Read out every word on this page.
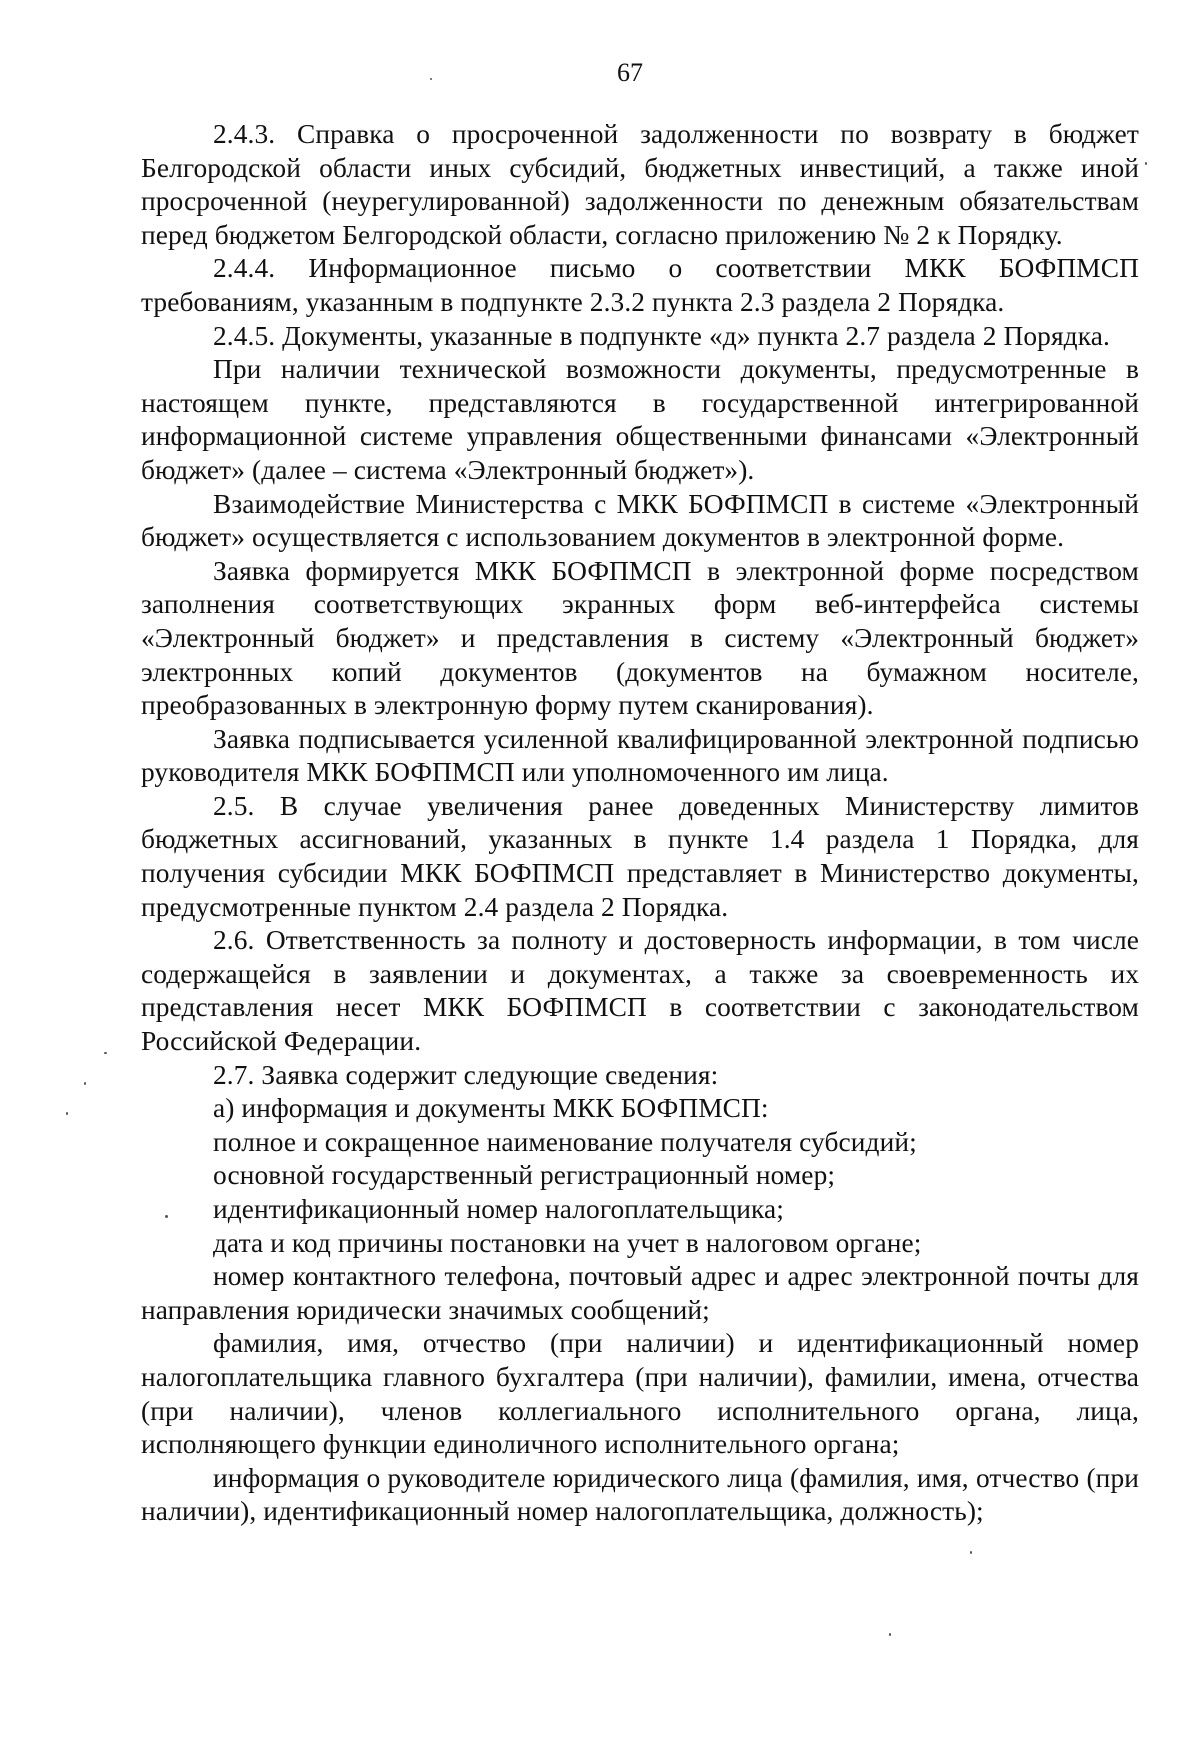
67

2.4.3. Справка о просроченной задолженности по возврату в бюджет Белгородской области иных субсидий, бюджетных инвестиций, а также иной просроченной (неурегулированной) задолженности по денежным обязательствам перед бюджетом Белгородской области, согласно приложению № 2 к Порядку.

2.4.4. Информационное письмо о соответствии МКК БОФПМСП требованиям, указанным в подпункте 2.3.2 пункта 2.3 раздела 2 Порядка.

2.4.5. Документы, указанные в подпункте «д» пункта 2.7 раздела 2 Порядка.

При наличии технической возможности документы, предусмотренные в настоящем пункте, представляются в государственной интегрированной информационной системе управления общественными финансами «Электронный бюджет» (далее – система «Электронный бюджет»).

Взаимодействие Министерства с МКК БОФПМСП в системе «Электронный бюджет» осуществляется с использованием документов в электронной форме.

Заявка формируется МКК БОФПМСП в электронной форме посредством заполнения соответствующих экранных форм веб-интерфейса системы «Электронный бюджет» и представления в систему «Электронный бюджет» электронных копий документов (документов на бумажном носителе, преобразованных в электронную форму путем сканирования).

Заявка подписывается усиленной квалифицированной электронной подписью руководителя МКК БОФПМСП или уполномоченного им лица.

2.5. В случае увеличения ранее доведенных Министерству лимитов бюджетных ассигнований, указанных в пункте 1.4 раздела 1 Порядка, для получения субсидии МКК БОФПМСП представляет в Министерство документы, предусмотренные пунктом 2.4 раздела 2 Порядка.

2.6. Ответственность за полноту и достоверность информации, в том числе содержащейся в заявлении и документах, а также за своевременность их представления несет МКК БОФПМСП в соответствии с законодательством Российской Федерации.

2.7. Заявка содержит следующие сведения:

а) информация и документы МКК БОФПМСП:

полное и сокращенное наименование получателя субсидий;

основной государственный регистрационный номер;

идентификационный номер налогоплательщика;

дата и код причины постановки на учет в налоговом органе;

номер контактного телефона, почтовый адрес и адрес электронной почты для направления юридически значимых сообщений;

фамилия, имя, отчество (при наличии) и идентификационный номер налогоплательщика главного бухгалтера (при наличии), фамилии, имена, отчества (при наличии), членов коллегиального исполнительного органа, лица, исполняющего функции единоличного исполнительного органа;

информация о руководителе юридического лица (фамилия, имя, отчество (при наличии), идентификационный номер налогоплательщика, должность);
